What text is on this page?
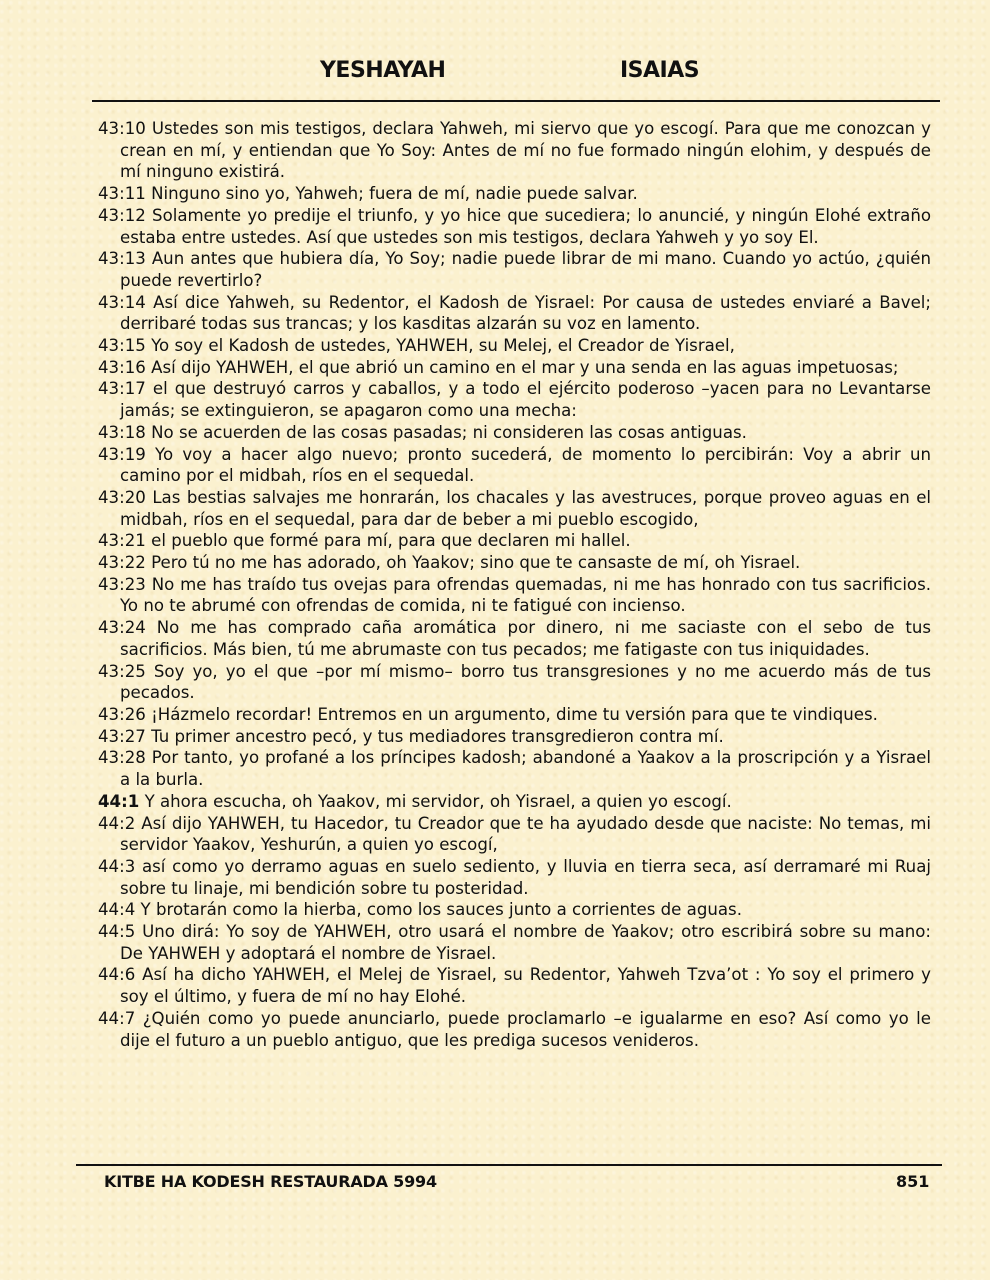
YESHAYAH	ISAIAS

43:10 Ustedes son mis testigos, declara Yahweh, mi siervo que yo escogí. Para que me conozcan y crean en mí, y entiendan que Yo Soy: Antes de mí no fue formado ningún elohim, y después de mí ninguno existirá.

43:11 Ninguno sino yo, Yahweh; fuera de mí, nadie puede salvar.

43:12 Solamente yo predije el triunfo, y yo hice que sucediera; lo anuncié, y ningún Elohé extraño estaba entre ustedes. Así que ustedes son mis testigos, declara Yahweh y yo soy El.

43:13 Aun antes que hubiera día, Yo Soy; nadie puede librar de mi mano. Cuando yo actúo, ¿quién puede revertirlo?

43:14 Así dice Yahweh, su Redentor, el Kadosh de Yisrael: Por causa de ustedes enviaré a Bavel; derribaré todas sus trancas; y los kasditas alzarán su voz en lamento.

43:15 Yo soy el Kadosh de ustedes, YAHWEH, su Melej, el Creador de Yisrael,

43:16 Así dijo YAHWEH, el que abrió un camino en el mar y una senda en las aguas impetuosas;

43:17 el que destruyó carros y caballos, y a todo el ejército poderoso –yacen para no Levantarse jamás; se extinguieron, se apagaron como una mecha:

43:18 No se acuerden de las cosas pasadas; ni consideren las cosas antiguas.

43:19 Yo voy a hacer algo nuevo; pronto sucederá, de momento lo percibirán: Voy a abrir un camino por el midbah, ríos en el sequedal.

43:20 Las bestias salvajes me honrarán, los chacales y las avestruces, porque proveo aguas en el midbah, ríos en el sequedal, para dar de beber a mi pueblo escogido,

43:21 el pueblo que formé para mí, para que declaren mi hallel.

43:22 Pero tú no me has adorado, oh Yaakov; sino que te cansaste de mí, oh Yisrael.

43:23 No me has traído tus ovejas para ofrendas quemadas, ni me has honrado con tus sacrificios. Yo no te abrumé con ofrendas de comida, ni te fatigué con incienso.

43:24 No me has comprado caña aromática por dinero, ni me saciaste con el sebo de tus sacrificios. Más bien, tú me abrumaste con tus pecados; me fatigaste con tus iniquidades.

43:25 Soy yo, yo el que –por mí mismo– borro tus transgresiones y no me acuerdo más de tus pecados.

43:26 ¡Házmelo recordar! Entremos en un argumento, dime tu versión para que te vindiques.

43:27 Tu primer ancestro pecó, y tus mediadores transgredieron contra mí.

43:28 Por tanto, yo profané a los príncipes kadosh; abandoné a Yaakov a la proscripción y a Yisrael a la burla.

44:1 Y ahora escucha, oh Yaakov, mi servidor, oh Yisrael, a quien yo escogí.

44:2 Así dijo YAHWEH, tu Hacedor, tu Creador que te ha ayudado desde que naciste: No temas, mi servidor Yaakov, Yeshurún, a quien yo escogí,

44:3 así como yo derramo aguas en suelo sediento, y lluvia en tierra seca, así derramaré mi Ruaj sobre tu linaje, mi bendición sobre tu posteridad.

44:4 Y brotarán como la hierba, como los sauces junto a corrientes de aguas.

44:5 Uno dirá: Yo soy de YAHWEH, otro usará el nombre de Yaakov; otro escribirá sobre su mano: De YAHWEH y adoptará el nombre de Yisrael.

44:6 Así ha dicho YAHWEH, el Melej de Yisrael, su Redentor, Yahweh Tzva’ot : Yo soy el primero y soy el último, y fuera de mí no hay Elohé.

44:7 ¿Quién como yo puede anunciarlo, puede proclamarlo –e igualarme en eso? Así como yo le dije el futuro a un pueblo antiguo, que les prediga sucesos venideros.

KITBE HA KODESH RESTAURADA 5994	851
